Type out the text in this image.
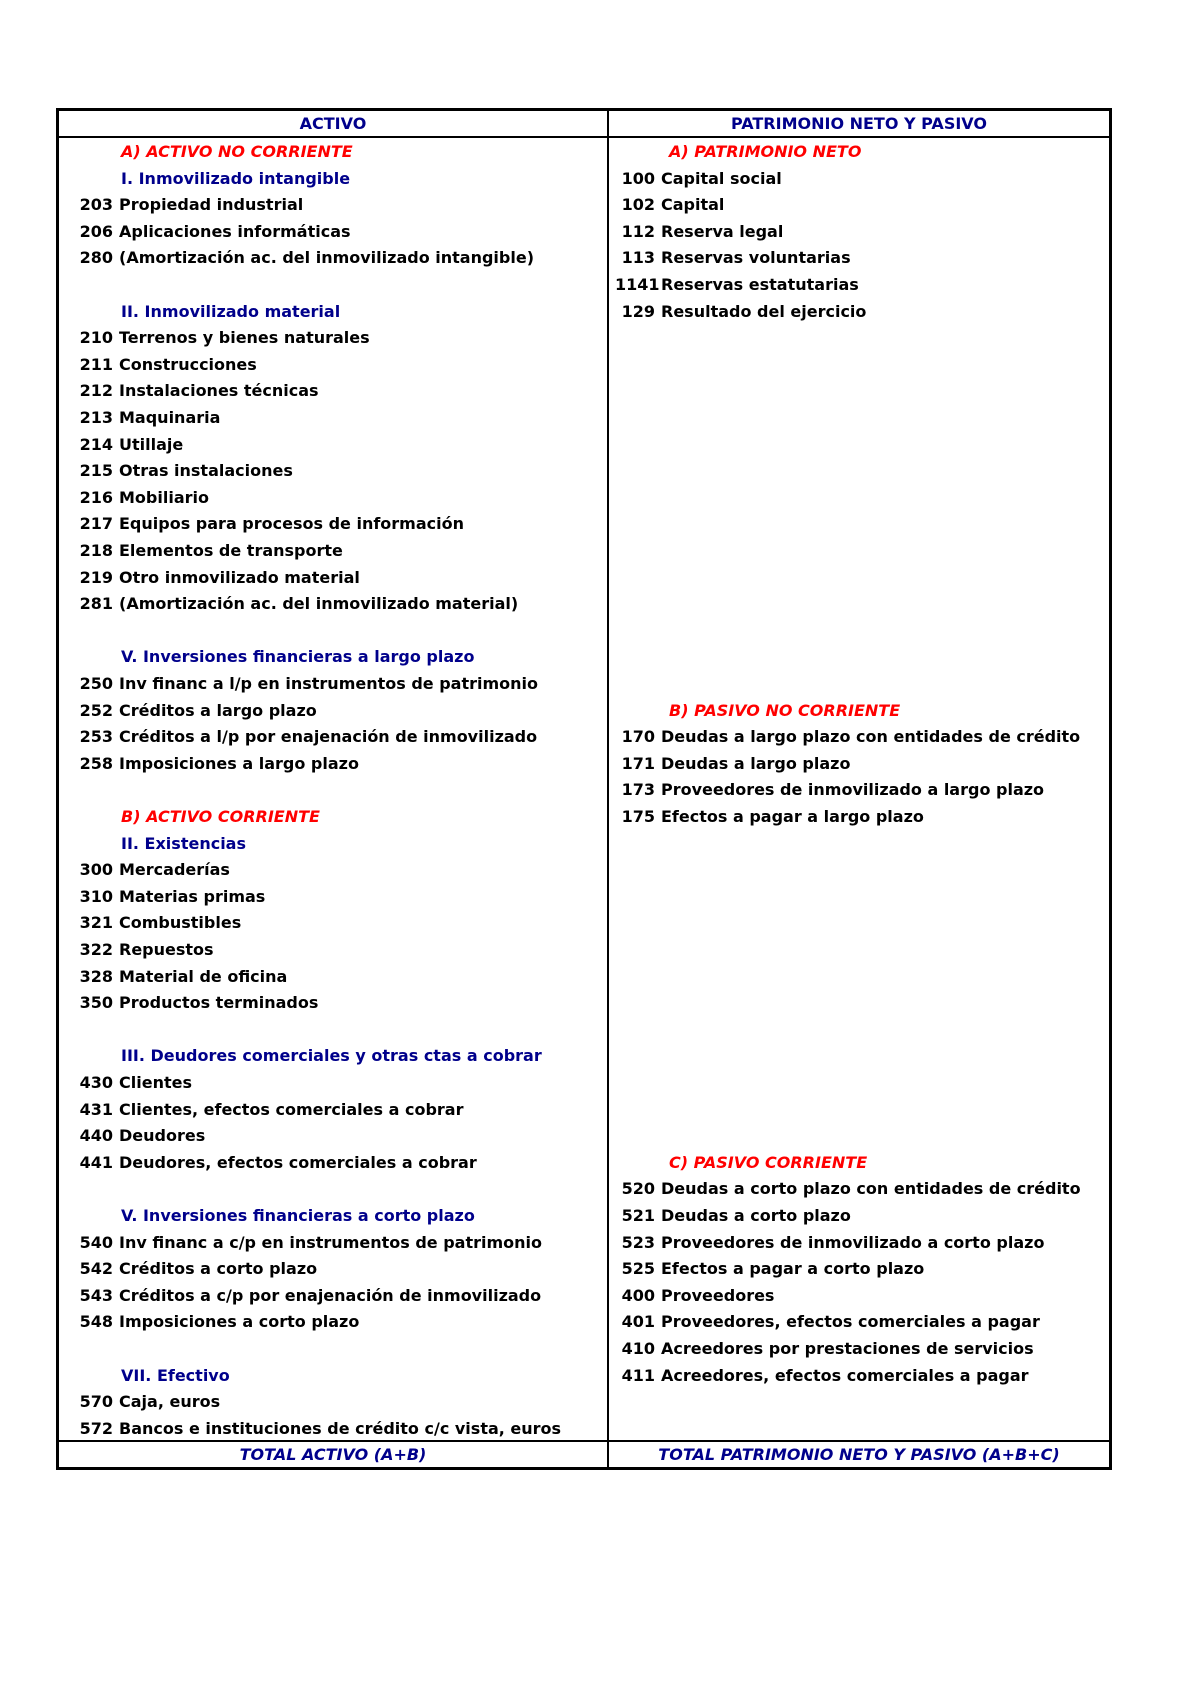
ACTIVO	PATRIMONIO NETO Y PASIVO
A) ACTIVO NO CORRIENTE
I. Inmovilizado intangible
203 Propiedad industrial
206 Aplicaciones informáticas
280 (Amortización ac. del inmovilizado intangible)
II. Inmovilizado material
210 Terrenos y bienes naturales
211 Construcciones
212 Instalaciones técnicas
213 Maquinaria
214 Utillaje
215 Otras instalaciones
216 Mobiliario
217 Equipos para procesos de información
218 Elementos de transporte
219 Otro inmovilizado material
281 (Amortización ac. del inmovilizado material)
V. Inversiones financieras a largo plazo
250 Inv financ a l/p en instrumentos de patrimonio
252 Créditos a largo plazo
253 Créditos a l/p por enajenación de inmovilizado
258 Imposiciones a largo plazo
B) ACTIVO CORRIENTE
II. Existencias
300 Mercaderías
310 Materias primas
321 Combustibles
322 Repuestos
328 Material de oficina
350 Productos terminados
III. Deudores comerciales y otras ctas a cobrar
430 Clientes
431 Clientes, efectos comerciales a cobrar
440 Deudores
441 Deudores, efectos comerciales a cobrar
V. Inversiones financieras a corto plazo
540 Inv financ a c/p en instrumentos de patrimonio
542 Créditos a corto plazo
543 Créditos a c/p por enajenación de inmovilizado
548 Imposiciones a corto plazo
VII. Efectivo
570 Caja, euros
572 Bancos e instituciones de crédito c/c vista, euros
A) PATRIMONIO NETO
100 Capital social
102 Capital
112 Reserva legal
113 Reservas voluntarias
1141Reservas estatutarias
129 Resultado del ejercicio
B) PASIVO NO CORRIENTE
170 Deudas a largo plazo con entidades de crédito
171 Deudas a largo plazo
173 Proveedores de inmovilizado a largo plazo
175 Efectos a pagar a largo plazo
C) PASIVO CORRIENTE
520 Deudas a corto plazo con entidades de crédito
521 Deudas a corto plazo
523 Proveedores de inmovilizado a corto plazo
525 Efectos a pagar a corto plazo
400 Proveedores
401 Proveedores, efectos comerciales a pagar
410 Acreedores por prestaciones de servicios
411 Acreedores, efectos comerciales a pagar
TOTAL ACTIVO (A+B)	TOTAL PATRIMONIO NETO Y PASIVO (A+B+C)
